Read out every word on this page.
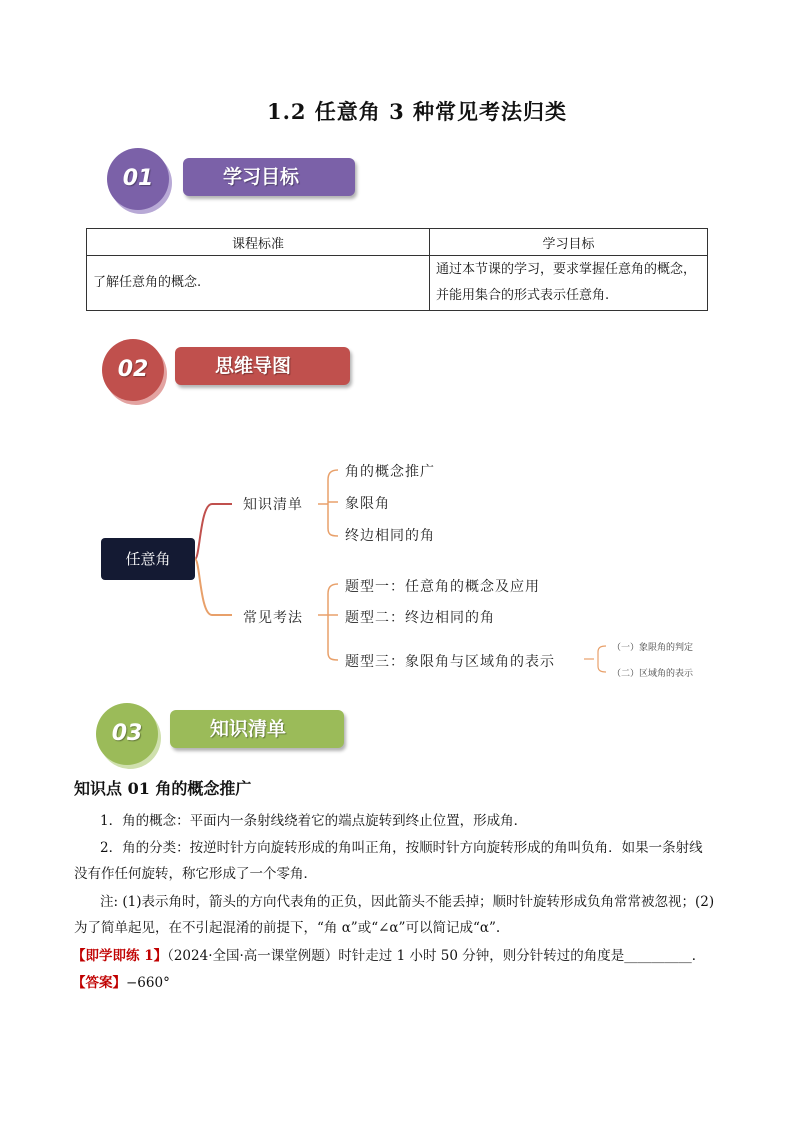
1.2 任意角 3 种常见考法归类
01	学习目标
课程标准	学习目标
了解任意角的概念.	通过本节课的学习，要求掌握任意角的概念，
并能用集合的形式表示任意角.
02	思维导图
任意角
知识清单
角的概念推广
象限角
终边相同的角
常见考法
题型一：任意角的概念及应用
题型二：终边相同的角
题型三：象限角与区域角的表示
（一）象限角的判定
（二）区域角的表示
03	知识清单
知识点 01 角的概念推广
1．角的概念：平面内一条射线绕着它的端点旋转到终止位置，形成角．
2．角的分类：按逆时针方向旋转形成的角叫正角，按顺时针方向旋转形成的角叫负角．如果一条射线
没有作任何旋转，称它形成了一个零角．
注: (1)表示角时，箭头的方向代表角的正负，因此箭头不能丢掉；顺时针旋转形成负角常常被忽视；(2)
为了简单起见，在不引起混淆的前提下，“角 α”或“∠α”可以简记成“α”.
【即学即练 1】（2024·全国·高一课堂例题）时针走过 1 小时 50 分钟，则分针转过的角度是__________．
【答案】−660°
